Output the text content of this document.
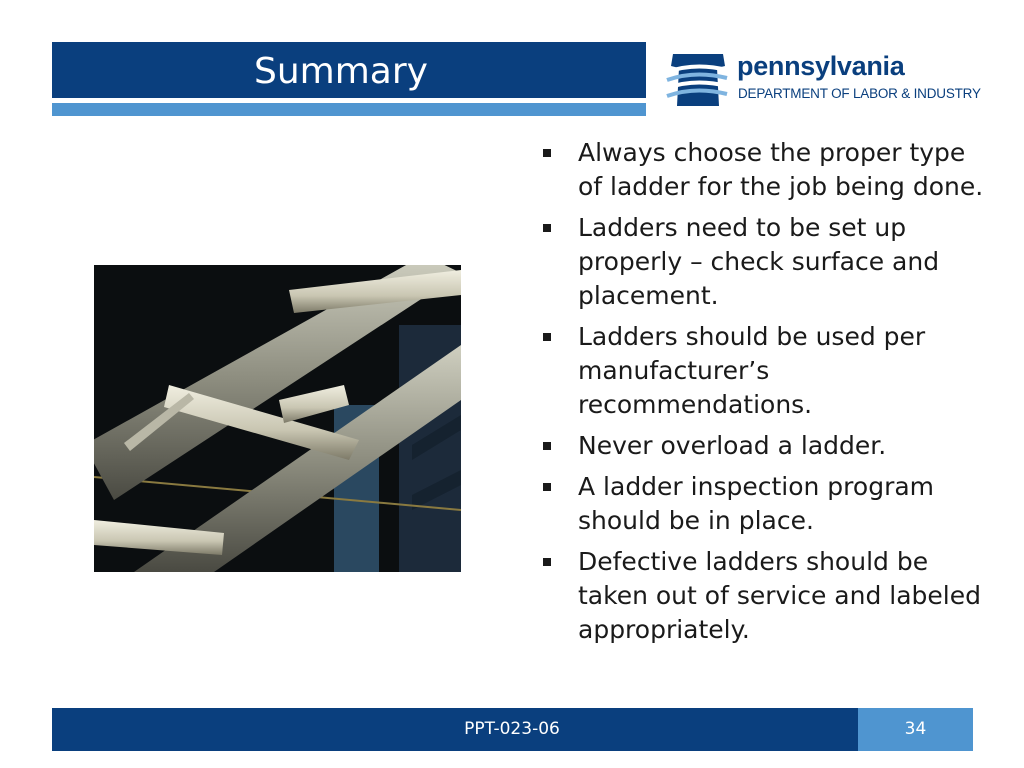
Summary	pennsylvania
DEPARTMENT OF LABOR & INDUSTRY
Always choose the proper type of ladder for the job being done.
Ladders need to be set up properly – check surface and placement.
Ladders should be used per manufacturer’s recommendations.
Never overload a ladder.
A ladder inspection program should be in place.
Defective ladders should be taken out of service and labeled appropriately.
PPT-023-06	34
